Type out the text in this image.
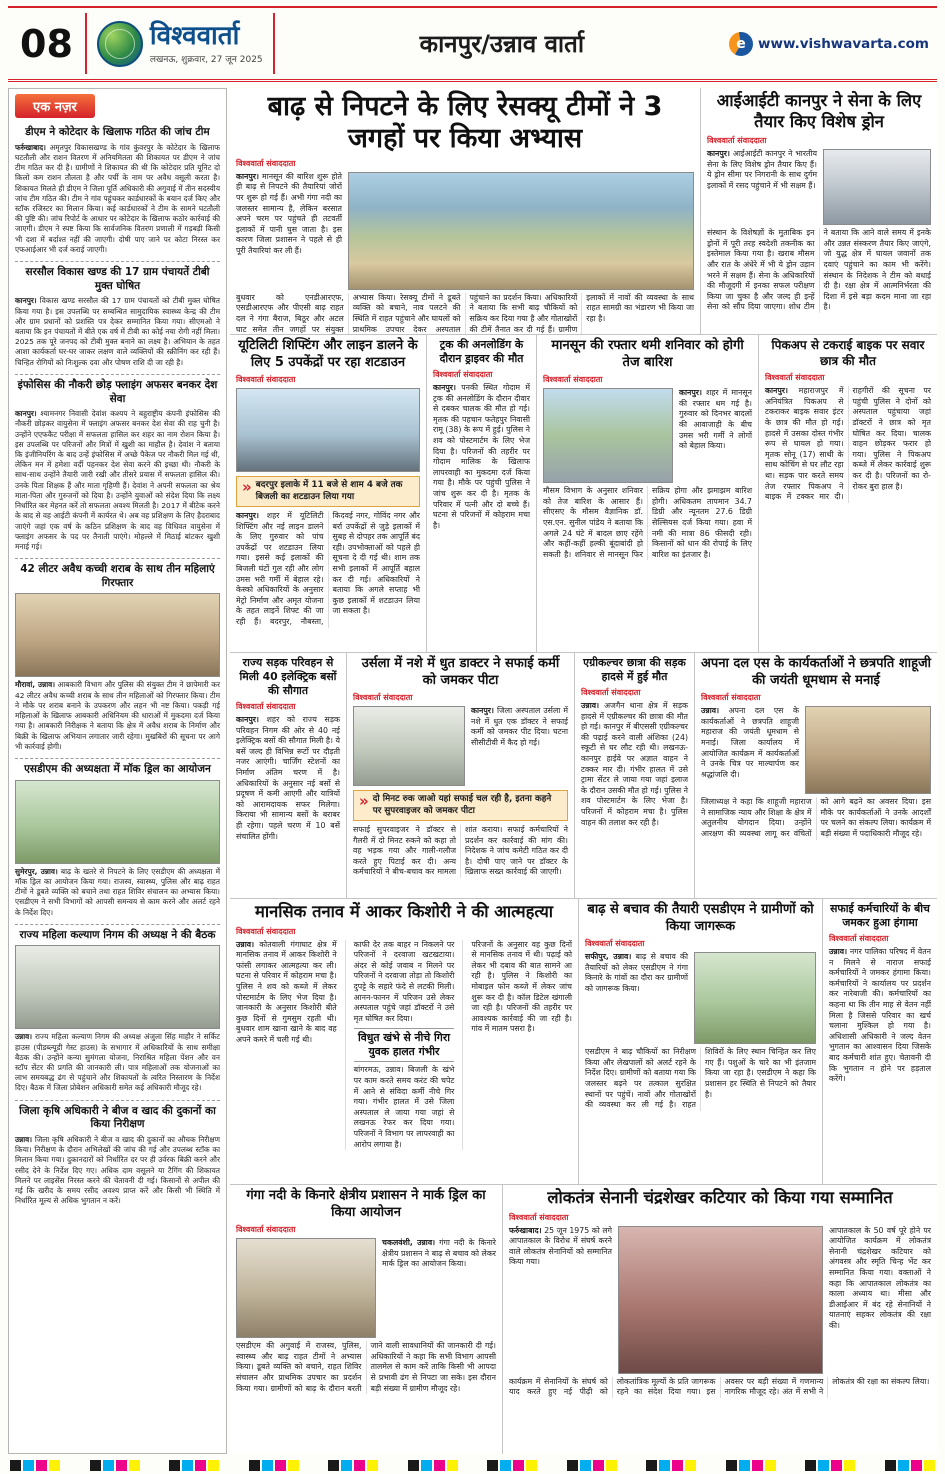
08	विश्ववार्ता
लखनऊ, शुक्रवार, 27 जून 2025
कानपुर/उन्नाव वार्ता	e www.vishwavarta.com
एक नज़र
डीएम ने कोटेदार के खिलाफ गठित की जांच टीम

फर्रुखाबाद। अमृतपुर विकासखण्ड के गांव कुंवरपुर के कोटेदार के खिलाफ घटतौली और राशन वितरण में अनियमितता की शिकायत पर डीएम ने जांच टीम गठित कर दी है। ग्रामीणों ने शिकायत की थी कि कोटेदार प्रति यूनिट दो किलो कम राशन तौलता है और पर्ची के नाम पर अवैध वसूली करता है। शिकायत मिलते ही डीएम ने जिला पूर्ति अधिकारी की अगुवाई में तीन सदस्यीय जांच टीम गठित की। टीम ने गांव पहुंचकर कार्डधारकों के बयान दर्ज किए और स्टॉक रजिस्टर का मिलान किया। कई कार्डधारकों ने टीम के सामने घटतौली की पुष्टि की। जांच रिपोर्ट के आधार पर कोटेदार के खिलाफ कठोर कार्रवाई की जाएगी। डीएम ने स्पष्ट किया कि सार्वजनिक वितरण प्रणाली में गड़बड़ी किसी भी दशा में बर्दाश्त नहीं की जाएगी। दोषी पाए जाने पर कोटा निरस्त कर एफआईआर भी दर्ज कराई जाएगी।

सरसौल विकास खण्ड की 17 ग्राम पंचायतें टीबी मुक्त घोषित

कानपुर। विकास खण्ड सरसौल की 17 ग्राम पंचायतों को टीबी मुक्त घोषित किया गया है। इस उपलब्धि पर सम्बन्धित सामुदायिक स्वास्थ्य केन्द्र की टीम और ग्राम प्रधानों को प्रशस्ति पत्र देकर सम्मानित किया गया। सीएमओ ने बताया कि इन पंचायतों में बीते एक वर्ष में टीबी का कोई नया रोगी नहीं मिला। 2025 तक पूरे जनपद को टीबी मुक्त बनाने का लक्ष्य है। अभियान के तहत आशा कार्यकर्ता घर-घर जाकर लक्षण वाले व्यक्तियों की स्क्रीनिंग कर रही हैं। चिन्हित रोगियों को निःशुल्क दवा और पोषण राशि दी जा रही है।

इंफोसिस की नौकरी छोड़ फ्लाइंग अफसर बनकर देश सेवा

कानपुर। श्यामनगर निवासी देवांश कश्यप ने बहुराष्ट्रीय कंपनी इंफोसिस की नौकरी छोड़कर वायुसेना में फ्लाइंग अफसर बनकर देश सेवा की राह चुनी है। उन्होंने एएफकैट परीक्षा में सफलता हासिल कर शहर का नाम रोशन किया है। इस उपलब्धि पर परिजनों और मित्रों में खुशी का माहौल है। देवांश ने बताया कि इंजीनियरिंग के बाद उन्हें इंफोसिस में अच्छे पैकेज पर नौकरी मिल गई थी, लेकिन मन में हमेशा वर्दी पहनकर देश सेवा करने की इच्छा थी। नौकरी के साथ-साथ उन्होंने तैयारी जारी रखी और तीसरे प्रयास में सफलता हासिल की। उनके पिता शिक्षक हैं और माता गृहिणी हैं। देवांश ने अपनी सफलता का श्रेय माता-पिता और गुरुजनों को दिया है। उन्होंने युवाओं को संदेश दिया कि लक्ष्य निर्धारित कर मेहनत करें तो सफलता अवश्य मिलती है। 2017 में बीटेक करने के बाद से वह आईटी कंपनी में कार्यरत थे। अब वह प्रशिक्षण के लिए हैदराबाद जाएंगे जहां एक वर्ष के कठिन प्रशिक्षण के बाद वह विधिवत वायुसेना में फ्लाइंग अफसर के पद पर तैनाती पाएंगे। मोहल्ले में मिठाई बांटकर खुशी मनाई गई।

42 लीटर अवैध कच्ची शराब के साथ तीन महिलाएं गिरफ्तार

मौरावां, उन्नाव। आबकारी विभाग और पुलिस की संयुक्त टीम ने छापेमारी कर 42 लीटर अवैध कच्ची शराब के साथ तीन महिलाओं को गिरफ्तार किया। टीम ने मौके पर शराब बनाने के उपकरण और लहन भी नष्ट किया। पकड़ी गई महिलाओं के खिलाफ आबकारी अधिनियम की धाराओं में मुकदमा दर्ज किया गया है। आबकारी निरीक्षक ने बताया कि क्षेत्र में अवैध शराब के निर्माण और बिक्री के खिलाफ अभियान लगातार जारी रहेगा। मुखबिरों की सूचना पर आगे भी कार्रवाई होगी।

एसडीएम की अध्यक्षता में मॉक ड्रिल का आयोजन

सुमेरपुर, उन्नाव। बाढ़ के खतरे से निपटने के लिए एसडीएम की अध्यक्षता में मॉक ड्रिल का आयोजन किया गया। राजस्व, स्वास्थ्य, पुलिस और बाढ़ राहत टीमों ने डूबते व्यक्ति को बचाने तथा राहत शिविर संचालन का अभ्यास किया। एसडीएम ने सभी विभागों को आपसी समन्वय से काम करने और अलर्ट रहने के निर्देश दिए।

राज्य महिला कल्याण निगम की अध्यक्ष ने की बैठक

उन्नाव। राज्य महिला कल्याण निगम की अध्यक्ष अंजुला सिंह माहौर ने सर्किट हाउस (पीडब्ल्यूडी गेस्ट हाउस) के सभागार में अधिकारियों के साथ समीक्षा बैठक की। उन्होंने कन्या सुमंगला योजना, निराश्रित महिला पेंशन और वन स्टॉप सेंटर की प्रगति की जानकारी ली। पात्र महिलाओं तक योजनाओं का लाभ समयबद्ध ढंग से पहुंचाने और शिकायतों के त्वरित निस्तारण के निर्देश दिए। बैठक में जिला प्रोबेशन अधिकारी समेत कई अधिकारी मौजूद रहे।

जिला कृषि अधिकारी ने बीज व खाद की दुकानों का किया निरीक्षण

उन्नाव। जिला कृषि अधिकारी ने बीज व खाद की दुकानों का औचक निरीक्षण किया। निरीक्षण के दौरान अभिलेखों की जांच की गई और उपलब्ध स्टॉक का मिलान किया गया। दुकानदारों को निर्धारित दर पर ही उर्वरक बिक्री करने और रसीद देने के निर्देश दिए गए। अधिक दाम वसूलने या टैगिंग की शिकायत मिलने पर लाइसेंस निरस्त करने की चेतावनी दी गई। किसानों से अपील की गई कि खरीद के समय रसीद अवश्य प्राप्त करें और किसी भी स्थिति में निर्धारित मूल्य से अधिक भुगतान न करें।

बाढ़ से निपटने के लिए रेसक्यू टीमों ने 3 जगहों पर किया अभ्यास
विश्ववार्ता संवाददाता

कानपुर। मानसून की बारिश शुरू होते ही बाढ़ से निपटने की तैयारियां जोरों पर शुरू हो गई हैं। अभी गंगा नदी का जलस्तर सामान्य है, लेकिन बरसात अपने चरम पर पहुंचते ही तटवर्ती इलाकों में पानी घुस जाता है। इस कारण जिला प्रशासन ने पहले से ही पूरी तैयारियां कर ली हैं।

बुधवार को एनडीआरएफ, एसडीआरएफ और पीएसी बाढ़ राहत दल ने गंगा बैराज, बिठूर और अटल घाट समेत तीन जगहों पर संयुक्त अभ्यास किया। रेसक्यू टीमों ने डूबते व्यक्ति को बचाने, नाव पलटने की स्थिति में राहत पहुंचाने और घायलों को प्राथमिक उपचार देकर अस्पताल पहुंचाने का प्रदर्शन किया। अधिकारियों ने बताया कि सभी बाढ़ चौकियों को सक्रिय कर दिया गया है और गोताखोरों की टीमें तैनात कर दी गई हैं। ग्रामीण इलाकों में नावों की व्यवस्था के साथ राहत सामग्री का भंडारण भी किया जा रहा है।

आईआईटी कानपुर ने सेना के लिए तैयार किए विशेष ड्रोन
विश्ववार्ता संवाददाता

कानपुर। आईआईटी कानपुर ने भारतीय सेना के लिए विशेष ड्रोन तैयार किए हैं। ये ड्रोन सीमा पर निगरानी के साथ दुर्गम इलाकों में रसद पहुंचाने में भी सक्षम हैं।

संस्थान के विशेषज्ञों के मुताबिक इन ड्रोनों में पूरी तरह स्वदेशी तकनीक का इस्तेमाल किया गया है। खराब मौसम और रात के अंधेरे में भी ये ड्रोन उड़ान भरने में सक्षम हैं। सेना के अधिकारियों की मौजूदगी में इनका सफल परीक्षण किया जा चुका है और जल्द ही इन्हें सेना को सौंप दिया जाएगा। शोध टीम ने बताया कि आने वाले समय में इनके और उन्नत संस्करण तैयार किए जाएंगे, जो युद्ध क्षेत्र में घायल जवानों तक दवाएं पहुंचाने का काम भी करेंगे। संस्थान के निदेशक ने टीम को बधाई दी है। रक्षा क्षेत्र में आत्मनिर्भरता की दिशा में इसे बड़ा कदम माना जा रहा है।

यूटिलिटी शिफ्टिंग और लाइन डालने के लिए 5 उपकेंद्रों पर रहा शटडाउन
विश्ववार्ता संवाददाता
» बदरपुर इलाके में 11 बजे से शाम 4 बजे तक बिजली का शटडाउन लिया गया

कानपुर। शहर में यूटिलिटी शिफ्टिंग और नई लाइन डालने के लिए गुरुवार को पांच उपकेंद्रों पर शटडाउन लिया गया। इससे कई इलाकों की बिजली घंटों गुल रही और लोग उमस भरी गर्मी में बेहाल रहे। केस्को अधिकारियों के अनुसार मेट्रो निर्माण और अमृत योजना के तहत लाइनें शिफ्ट की जा रही हैं। बदरपुर, नौबस्ता, किदवई नगर, गोविंद नगर और बर्रा उपकेंद्रों से जुड़े इलाकों में सुबह से दोपहर तक आपूर्ति बंद रही। उपभोक्ताओं को पहले ही सूचना दे दी गई थी। शाम तक सभी इलाकों में आपूर्ति बहाल कर दी गई। अधिकारियों ने बताया कि अगले सप्ताह भी कुछ इलाकों में शटडाउन लिया जा सकता है।

ट्रक की अनलोडिंग के दौरान ड्राइवर की मौत
विश्ववार्ता संवाददाता

कानपुर। पनकी स्थित गोदाम में ट्रक की अनलोडिंग के दौरान दीवार से दबकर चालक की मौत हो गई। मृतक की पहचान फतेहपुर निवासी रामू (38) के रूप में हुई। पुलिस ने शव को पोस्टमार्टम के लिए भेज दिया है। परिजनों की तहरीर पर गोदाम मालिक के खिलाफ लापरवाही का मुकदमा दर्ज किया गया है। मौके पर पहुंची पुलिस ने जांच शुरू कर दी है। मृतक के परिवार में पत्नी और दो बच्चे हैं। घटना से परिजनों में कोहराम मचा है।

मानसून की रफ्तार थमी शनिवार को होगी तेज बारिश
विश्ववार्ता संवाददाता

कानपुर। शहर में मानसून की रफ्तार थम गई है। गुरुवार को दिनभर बादलों की आवाजाही के बीच उमस भरी गर्मी ने लोगों को बेहाल किया।

मौसम विभाग के अनुसार शनिवार को तेज बारिश के आसार हैं। सीएसए के मौसम वैज्ञानिक डॉ. एस.एन. सुनील पांडेय ने बताया कि अगले 24 घंटे में बादल छाए रहेंगे और कहीं-कहीं हल्की बूंदाबांदी हो सकती है। शनिवार से मानसून फिर सक्रिय होगा और झमाझम बारिश होगी। अधिकतम तापमान 34.7 डिग्री और न्यूनतम 27.6 डिग्री सेल्सियस दर्ज किया गया। हवा में नमी की मात्रा 86 फीसदी रही। किसानों को धान की रोपाई के लिए बारिश का इंतजार है।

पिकअप से टकराई बाइक पर सवार छात्र की मौत
विश्ववार्ता संवाददाता

कानपुर। महाराजपुर में अनियंत्रित पिकअप से टकराकर बाइक सवार इंटर के छात्र की मौत हो गई। हादसे में उसका दोस्त गंभीर रूप से घायल हो गया। मृतक सोनू (17) साथी के साथ कोचिंग से घर लौट रहा था। सड़क पार करते समय तेज रफ्तार पिकअप ने बाइक में टक्कर मार दी। राहगीरों की सूचना पर पहुंची पुलिस ने दोनों को अस्पताल पहुंचाया जहां डॉक्टरों ने छात्र को मृत घोषित कर दिया। चालक वाहन छोड़कर फरार हो गया। पुलिस ने पिकअप कब्जे में लेकर कार्रवाई शुरू कर दी है। परिजनों का रो-रोकर बुरा हाल है।

राज्य सड़क परिवहन से मिली 40 इलेक्ट्रिक बसों की सौगात
विश्ववार्ता संवाददाता

कानपुर। शहर को राज्य सड़क परिवहन निगम की ओर से 40 नई इलेक्ट्रिक बसों की सौगात मिली है। ये बसें जल्द ही विभिन्न रूटों पर दौड़ती नजर आएंगी। चार्जिंग स्टेशनों का निर्माण अंतिम चरण में है। अधिकारियों के अनुसार नई बसों से प्रदूषण में कमी आएगी और यात्रियों को आरामदायक सफर मिलेगा। किराया भी सामान्य बसों के बराबर ही रहेगा। पहले चरण में 10 बसें संचालित होंगी।

उर्सला में नशे में धुत डाक्टर ने सफाई कर्मी को जमकर पीटा
विश्ववार्ता संवाददाता

कानपुर। जिला अस्पताल उर्सला में नशे में धुत एक डॉक्टर ने सफाई कर्मी को जमकर पीट दिया। घटना सीसीटीवी में कैद हो गई।

» दो मिनट रुक जाओ यहां सफाई चल रही है, इतना कहने पर सुपरवाइजर को जमकर पीटा

सफाई सुपरवाइजर ने डॉक्टर से गैलरी में दो मिनट रुकने को कहा तो वह भड़क गया और गाली-गलौज करते हुए पिटाई कर दी। अन्य कर्मचारियों ने बीच-बचाव कर मामला शांत कराया। सफाई कर्मचारियों ने प्रदर्शन कर कार्रवाई की मांग की। निदेशक ने जांच कमेटी गठित कर दी है। दोषी पाए जाने पर डॉक्टर के खिलाफ सख्त कार्रवाई की जाएगी।

एग्रीकल्चर छात्रा की सड़क हादसे में हुई मौत
विश्ववार्ता संवाददाता

उन्नाव। अजगैन थाना क्षेत्र में सड़क हादसे में एग्रीकल्चर की छात्रा की मौत हो गई। कानपुर में बीएससी एग्रीकल्चर की पढ़ाई करने वाली अंशिका (24) स्कूटी से घर लौट रही थी। लखनऊ-कानपुर हाईवे पर अज्ञात वाहन ने टक्कर मार दी। गंभीर हालत में उसे ट्रामा सेंटर ले जाया गया जहां इलाज के दौरान उसकी मौत हो गई। पुलिस ने शव पोस्टमार्टम के लिए भेजा है। परिजनों में कोहराम मचा है। पुलिस वाहन की तलाश कर रही है।

अपना दल एस के कार्यकर्ताओं ने छत्रपति शाहूजी की जयंती धूमधाम से मनाई
विश्ववार्ता संवाददाता

उन्नाव। अपना दल एस के कार्यकर्ताओं ने छत्रपति शाहूजी महाराज की जयंती धूमधाम से मनाई। जिला कार्यालय में आयोजित कार्यक्रम में कार्यकर्ताओं ने उनके चित्र पर माल्यार्पण कर श्रद्धांजलि दी।

जिलाध्यक्ष ने कहा कि शाहूजी महाराज ने सामाजिक न्याय और शिक्षा के क्षेत्र में अतुलनीय योगदान दिया। उन्होंने आरक्षण की व्यवस्था लागू कर वंचितों को आगे बढ़ने का अवसर दिया। इस मौके पर कार्यकर्ताओं ने उनके आदर्शों पर चलने का संकल्प लिया। कार्यक्रम में बड़ी संख्या में पदाधिकारी मौजूद रहे।

मानसिक तनाव में आकर किशोरी ने की आत्महत्या
विश्ववार्ता संवाददाता

उन्नाव। कोतवाली गंगाघाट क्षेत्र में मानसिक तनाव में आकर किशोरी ने फांसी लगाकर आत्महत्या कर ली। घटना से परिवार में कोहराम मचा है। पुलिस ने शव को कब्जे में लेकर पोस्टमार्टम के लिए भेज दिया है। जानकारी के अनुसार किशोरी बीते कुछ दिनों से गुमसुम रहती थी। बुधवार शाम खाना खाने के बाद वह अपने कमरे में चली गई थी।

काफी देर तक बाहर न निकलने पर परिजनों ने दरवाजा खटखटाया। अंदर से कोई जवाब न मिलने पर परिजनों ने दरवाजा तोड़ा तो किशोरी दुपट्टे के सहारे फंदे से लटकी मिली। आनन-फानन में परिजन उसे लेकर अस्पताल पहुंचे जहां डॉक्टरों ने उसे मृत घोषित कर दिया।

विधुत खंभे से नीचे गिरा युवक हालत गंभीर

बांगरमऊ, उन्नाव। बिजली के खंभे पर काम करते समय करंट की चपेट में आने से संविदा कर्मी नीचे गिर गया। गंभीर हालत में उसे जिला अस्पताल ले जाया गया जहां से लखनऊ रेफर कर दिया गया। परिजनों ने विभाग पर लापरवाही का आरोप लगाया है।

परिजनों के अनुसार वह कुछ दिनों से मानसिक तनाव में थी। पढ़ाई को लेकर भी दबाव की बात सामने आ रही है। पुलिस ने किशोरी का मोबाइल फोन कब्जे में लेकर जांच शुरू कर दी है। कॉल डिटेल खंगाली जा रही है। परिजनों की तहरीर पर आवश्यक कार्रवाई की जा रही है। गांव में मातम पसरा है।

बाढ़ से बचाव की तैयारी एसडीएम ने ग्रामीणों को किया जागरूक
विश्ववार्ता संवाददाता

सफीपुर, उन्नाव। बाढ़ से बचाव की तैयारियों को लेकर एसडीएम ने गंगा किनारे के गांवों का दौरा कर ग्रामीणों को जागरूक किया।

एसडीएम ने बाढ़ चौकियों का निरीक्षण किया और लेखपालों को अलर्ट रहने के निर्देश दिए। ग्रामीणों को बताया गया कि जलस्तर बढ़ने पर तत्काल सुरक्षित स्थानों पर पहुंचें। नावों और गोताखोरों की व्यवस्था कर ली गई है। राहत शिविरों के लिए स्थान चिन्हित कर लिए गए हैं। पशुओं के चारे का भी इंतजाम किया जा रहा है। एसडीएम ने कहा कि प्रशासन हर स्थिति से निपटने को तैयार है।

सफाई कर्मचारियों के बीच जमकर हुआ हंगामा
विश्ववार्ता संवाददाता

उन्नाव। नगर पालिका परिषद में वेतन न मिलने से नाराज सफाई कर्मचारियों ने जमकर हंगामा किया। कर्मचारियों ने कार्यालय पर प्रदर्शन कर नारेबाजी की। कर्मचारियों का कहना था कि तीन माह से वेतन नहीं मिला है जिससे परिवार का खर्च चलाना मुश्किल हो गया है। अधिशासी अधिकारी ने जल्द वेतन भुगतान का आश्वासन दिया जिसके बाद कर्मचारी शांत हुए। चेतावनी दी कि भुगतान न होने पर हड़ताल करेंगे।

गंगा नदी के किनारे क्षेत्रीय प्रशासन ने मार्क ड्रिल का किया आयोजन
विश्ववार्ता संवाददाता

चकलवंशी, उन्नाव। गंगा नदी के किनारे क्षेत्रीय प्रशासन ने बाढ़ से बचाव को लेकर मार्क ड्रिल का आयोजन किया।

एसडीएम की अगुवाई में राजस्व, पुलिस, स्वास्थ्य और बाढ़ राहत टीमों ने अभ्यास किया। डूबते व्यक्ति को बचाने, राहत शिविर संचालन और प्राथमिक उपचार का प्रदर्शन किया गया। ग्रामीणों को बाढ़ के दौरान बरती जाने वाली सावधानियों की जानकारी दी गई। अधिकारियों ने कहा कि सभी विभाग आपसी तालमेल से काम करें ताकि किसी भी आपदा से प्रभावी ढंग से निपटा जा सके। इस दौरान बड़ी संख्या में ग्रामीण मौजूद रहे।

लोकतंत्र सेनानी चंद्रशेखर कटियार को किया गया सम्मानित
विश्ववार्ता संवाददाता

फर्रुखाबाद। 25 जून 1975 को लगे आपातकाल के विरोध में संघर्ष करने वाले लोकतंत्र सेनानियों को सम्मानित किया गया।

आपातकाल के 50 वर्ष पूरे होने पर आयोजित कार्यक्रम में लोकतंत्र सेनानी चंद्रशेखर कटियार को अंगवस्त्र और स्मृति चिन्ह भेंट कर सम्मानित किया गया। वक्ताओं ने कहा कि आपातकाल लोकतंत्र का काला अध्याय था। मीसा और डीआईआर में बंद रहे सेनानियों ने यातनाएं सहकर लोकतंत्र की रक्षा की।

कार्यक्रम में सेनानियों के संघर्ष को याद करते हुए नई पीढ़ी को लोकतांत्रिक मूल्यों के प्रति जागरूक रहने का संदेश दिया गया। इस अवसर पर बड़ी संख्या में गणमान्य नागरिक मौजूद रहे। अंत में सभी ने लोकतंत्र की रक्षा का संकल्प लिया।
